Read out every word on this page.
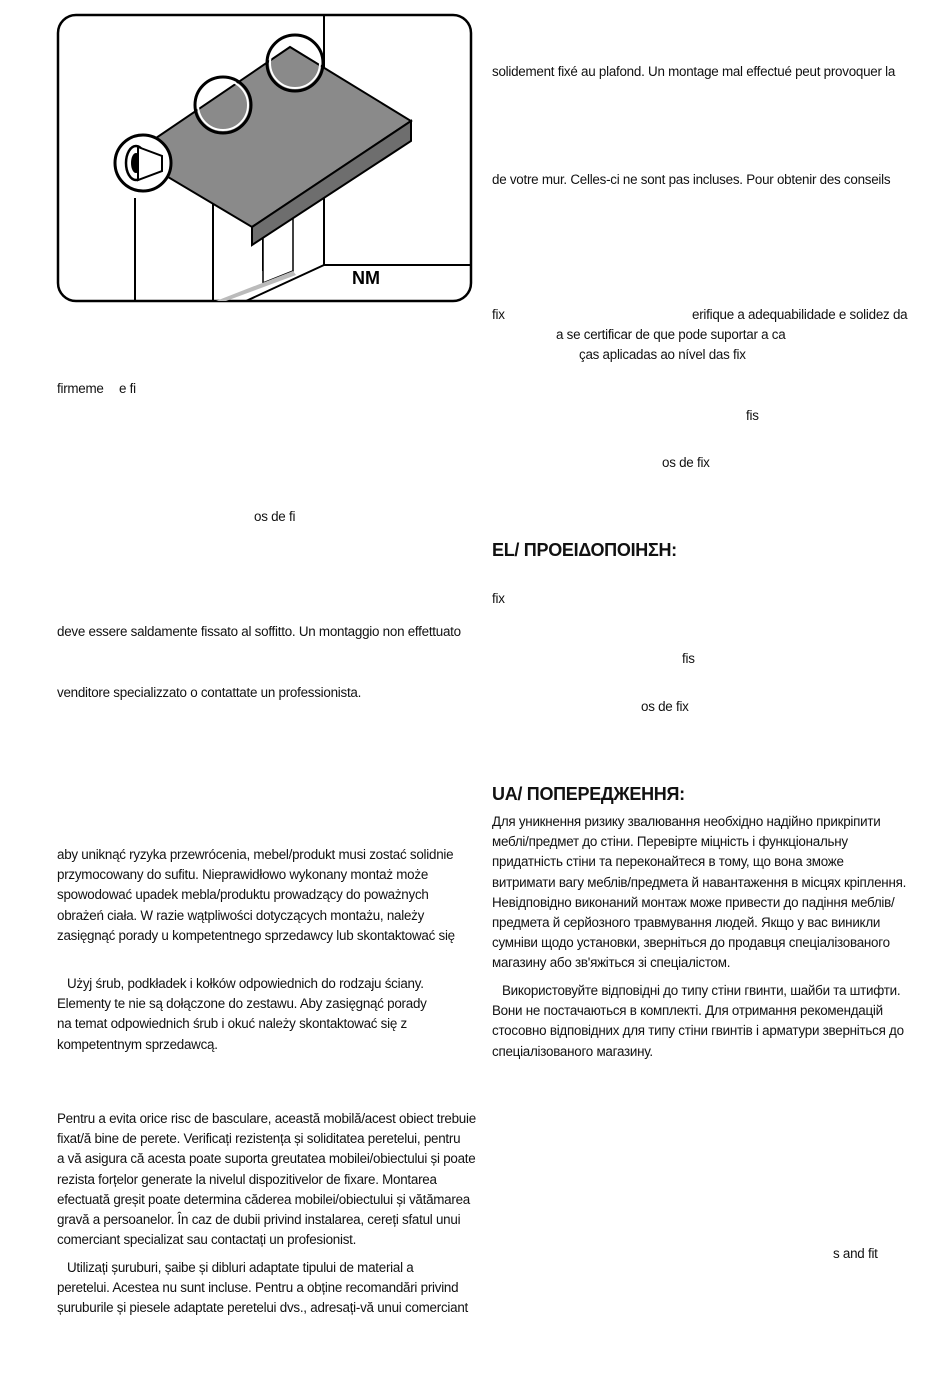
NM
solidement fixé au plafond. Un montage mal effectué peut provoquer la
de votre mur. Celles-ci ne sont pas incluses. Pour obtenir des conseils
fix	erifique a adequabilidade e solidez da
a se certificar de que pode suportar a ca
ças aplicadas ao nível das fix
fis
os de fix
firmeme e fi
os de fi
deve essere saldamente fissato al soffitto. Un montaggio non effettuato
venditore specializzato o contattate un professionista.
EL/ ΠΡΟΕΙΔΟΠΟΙΗΣΗ:
fix
fis
os de fix
UA/ ПОПЕРЕДЖЕННЯ:
Для уникнення ризику звалювання необхідно надійно прикріпити
меблі/предмет до стіни. Перевірте міцність і функціональну
придатність стіни та переконайтеся в тому, що вона зможе
витримати вагу меблів/предмета й навантаження в місцях кріплення.
Невідповідно виконаний монтаж може привести до падіння меблів/
предмета й серйозного травмування людей. Якщо у вас виникли
сумніви щодо установки, зверніться до продавця спеціалізованого
магазину або зв'яжіться зі спеціалістом.
Використовуйте відповідні до типу стіни гвинти, шайби та штифти.
Вони не постачаються в комплекті. Для отримання рекомендацій
стосовно відповідних для типу стіни гвинтів і арматури зверніться до
спеціалізованого магазину.
aby uniknąć ryzyka przewrócenia, mebel/produkt musi zostać solidnie
przymocowany do sufitu. Nieprawidłowo wykonany montaż może
spowodować upadek mebla/produktu prowadzący do poważnych
obrażeń ciała. W razie wątpliwości dotyczących montażu, należy
zasięgnąć porady u kompetentnego sprzedawcy lub skontaktować się
Użyj śrub, podkładek i kołków odpowiednich do rodzaju ściany.
Elementy te nie są dołączone do zestawu. Aby zasięgnąć porady
na temat odpowiednich śrub i okuć należy skontaktować się z
kompetentnym sprzedawcą.
Pentru a evita orice risc de basculare, această mobilă/acest obiect trebuie
fixat/ă bine de perete. Verificați rezistența și soliditatea peretelui, pentru
a vă asigura că acesta poate suporta greutatea mobilei/obiectului și poate
rezista forțelor generate la nivelul dispozitivelor de fixare. Montarea
efectuată greșit poate determina căderea mobilei/obiectului și vătămarea
gravă a persoanelor. În caz de dubii privind instalarea, cereți sfatul unui
comerciant specializat sau contactați un profesionist.
Utilizați șuruburi, șaibe și dibluri adaptate tipului de material a
peretelui. Acestea nu sunt incluse. Pentru a obține recomandări privind
șuruburile și piesele adaptate peretelui dvs., adresați-vă unui comerciant
s and fit
